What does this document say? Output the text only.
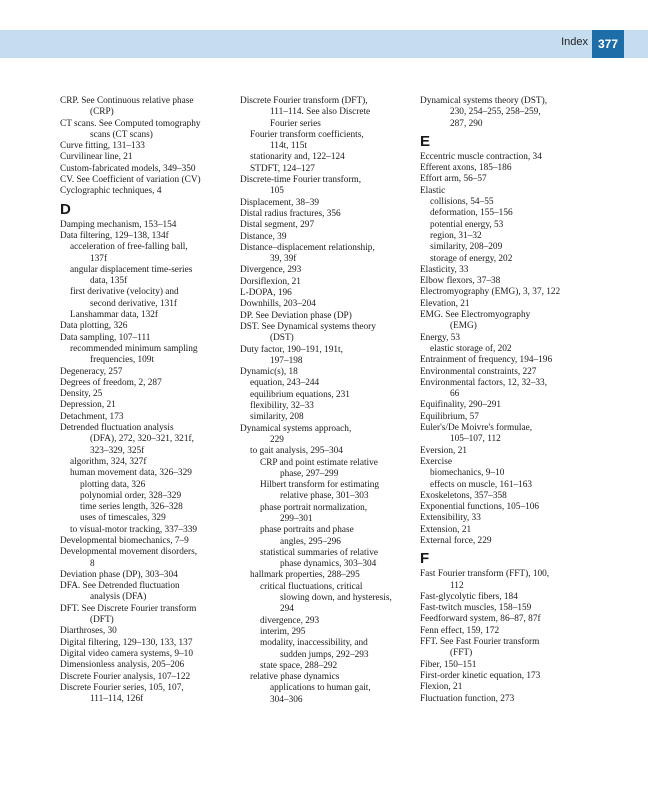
Index 377
CRP. See Continuous relative phase
(CRP)
CT scans. See Computed tomography
scans (CT scans)
Curve fitting, 131–133
Curvilinear line, 21
Custom-fabricated models, 349–350
CV. See Coefficient of variation (CV)
Cyclographic techniques, 4
D
Damping mechanism, 153–154
Data filtering, 129–138, 134f
acceleration of free-falling ball,
137f
angular displacement time-series
data, 135f
first derivative (velocity) and
second derivative, 131f
Lanshammar data, 132f
Data plotting, 326
Data sampling, 107–111
recommended minimum sampling
frequencies, 109t
Degeneracy, 257
Degrees of freedom, 2, 287
Density, 25
Depression, 21
Detachment, 173
Detrended fluctuation analysis
(DFA), 272, 320–321, 321f,
323–329, 325f
algorithm, 324, 327f
human movement data, 326–329
plotting data, 326
polynomial order, 328–329
time series length, 326–328
uses of timescales, 329
to visual-motor tracking, 337–339
Developmental biomechanics, 7–9
Developmental movement disorders,
8
Deviation phase (DP), 303–304
DFA. See Detrended fluctuation
analysis (DFA)
DFT. See Discrete Fourier transform
(DFT)
Diarthroses, 30
Digital filtering, 129–130, 133, 137
Digital video camera systems, 9–10
Dimensionless analysis, 205–206
Discrete Fourier analysis, 107–122
Discrete Fourier series, 105, 107,
111–114, 126f
Discrete Fourier transform (DFT),
111–114. See also Discrete
Fourier series
Fourier transform coefficients,
114t, 115t
stationarity and, 122–124
STDFT, 124–127
Discrete-time Fourier transform,
105
Displacement, 38–39
Distal radius fractures, 356
Distal segment, 297
Distance, 39
Distance–displacement relationship,
39, 39f
Divergence, 293
Dorsiflexion, 21
L-DOPA, 196
Downhills, 203–204
DP. See Deviation phase (DP)
DST. See Dynamical systems theory
(DST)
Duty factor, 190–191, 191t,
197–198
Dynamic(s), 18
equation, 243–244
equilibrium equations, 231
flexibility, 32–33
similarity, 208
Dynamical systems approach,
229
to gait analysis, 295–304
CRP and point estimate relative
phase, 297–299
Hilbert transform for estimating
relative phase, 301–303
phase portrait normalization,
299–301
phase portraits and phase
angles, 295–296
statistical summaries of relative
phase dynamics, 303–304
hallmark properties, 288–295
critical fluctuations, critical
slowing down, and hysteresis,
294
divergence, 293
interim, 295
modality, inaccessibility, and
sudden jumps, 292–293
state space, 288–292
relative phase dynamics
applications to human gait,
304–306
Dynamical systems theory (DST),
230, 254–255, 258–259,
287, 290
E
Eccentric muscle contraction, 34
Efferent axons, 185–186
Effort arm, 56–57
Elastic
collisions, 54–55
deformation, 155–156
potential energy, 53
region, 31–32
similarity, 208–209
storage of energy, 202
Elasticity, 33
Elbow flexors, 37–38
Electromyography (EMG), 3, 37, 122
Elevation, 21
EMG. See Electromyography
(EMG)
Energy, 53
elastic storage of, 202
Entrainment of frequency, 194–196
Environmental constraints, 227
Environmental factors, 12, 32–33,
66
Equifinality, 290–291
Equilibrium, 57
Euler's/De Moivre's formulae,
105–107, 112
Eversion, 21
Exercise
biomechanics, 9–10
effects on muscle, 161–163
Exoskeletons, 357–358
Exponential functions, 105–106
Extensibility, 33
Extension, 21
External force, 229
F
Fast Fourier transform (FFT), 100,
112
Fast-glycolytic fibers, 184
Fast-twitch muscles, 158–159
Feedforward system, 86–87, 87f
Fenn effect, 159, 172
FFT. See Fast Fourier transform
(FFT)
Fiber, 150–151
First-order kinetic equation, 173
Flexion, 21
Fluctuation function, 273
